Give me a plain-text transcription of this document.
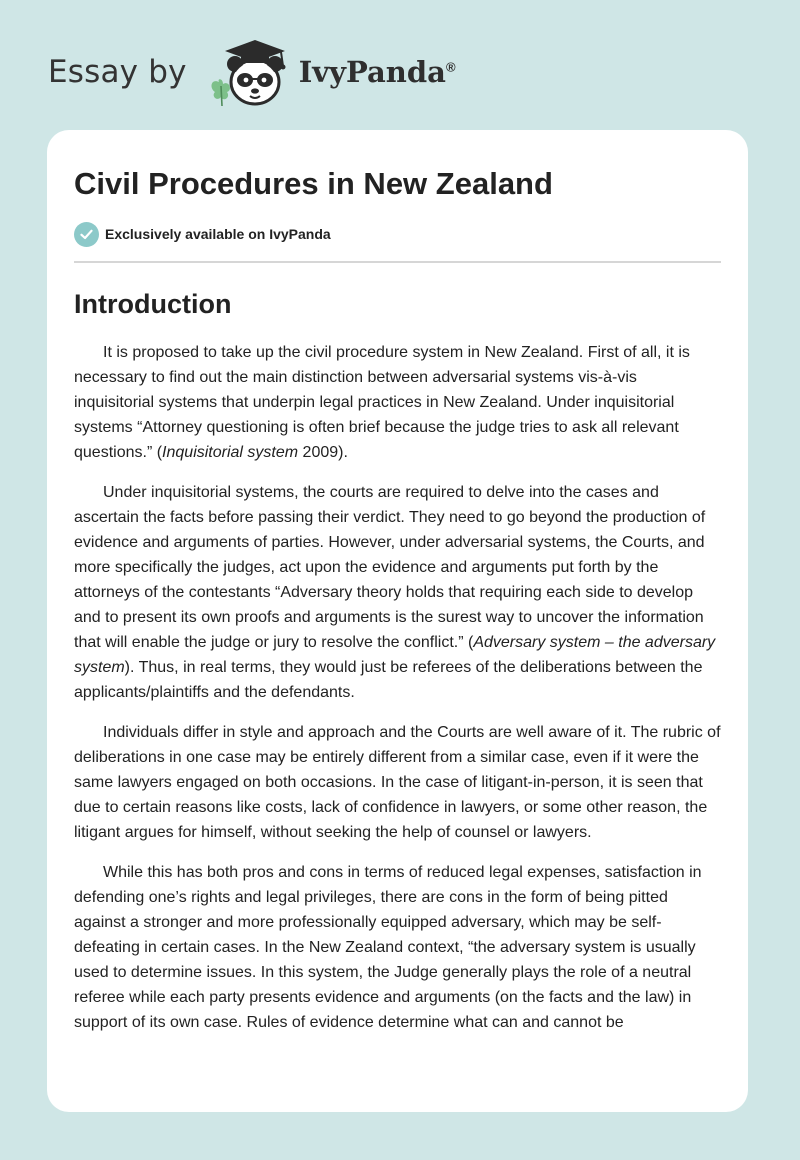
Essay by	IvyPanda®
Civil Procedures in New Zealand
Exclusively available on IvyPanda
Introduction

It is proposed to take up the civil procedure system in New Zealand. First of all, it is necessary to find out the main distinction between adversarial systems vis-à-vis inquisitorial systems that underpin legal practices in New Zealand. Under inquisitorial systems “Attorney questioning is often brief because the judge tries to ask all relevant questions.” (Inquisitorial system 2009).

Under inquisitorial systems, the courts are required to delve into the cases and ascertain the facts before passing their verdict. They need to go beyond the production of evidence and arguments of parties. However, under adversarial systems, the Courts, and more specifically the judges, act upon the evidence and arguments put forth by the attorneys of the contestants “Adversary theory holds that requiring each side to develop and to present its own proofs and arguments is the surest way to uncover the information that will enable the judge or jury to resolve the conflict.” (Adversary system – the adversary system). Thus, in real terms, they would just be referees of the deliberations between the applicants/plaintiffs and the defendants.

Individuals differ in style and approach and the Courts are well aware of it. The rubric of deliberations in one case may be entirely different from a similar case, even if it were the same lawyers engaged on both occasions. In the case of litigant-in-person, it is seen that due to certain reasons like costs, lack of confidence in lawyers, or some other reason, the litigant argues for himself, without seeking the help of counsel or lawyers.

While this has both pros and cons in terms of reduced legal expenses, satisfaction in defending one’s rights and legal privileges, there are cons in the form of being pitted against a stronger and more professionally equipped adversary, which may be self-defeating in certain cases. In the New Zealand context, “the adversary system is usually used to determine issues. In this system, the Judge generally plays the role of a neutral referee while each party presents evidence and arguments (on the facts and the law) in support of its own case. Rules of evidence determine what can and cannot be
